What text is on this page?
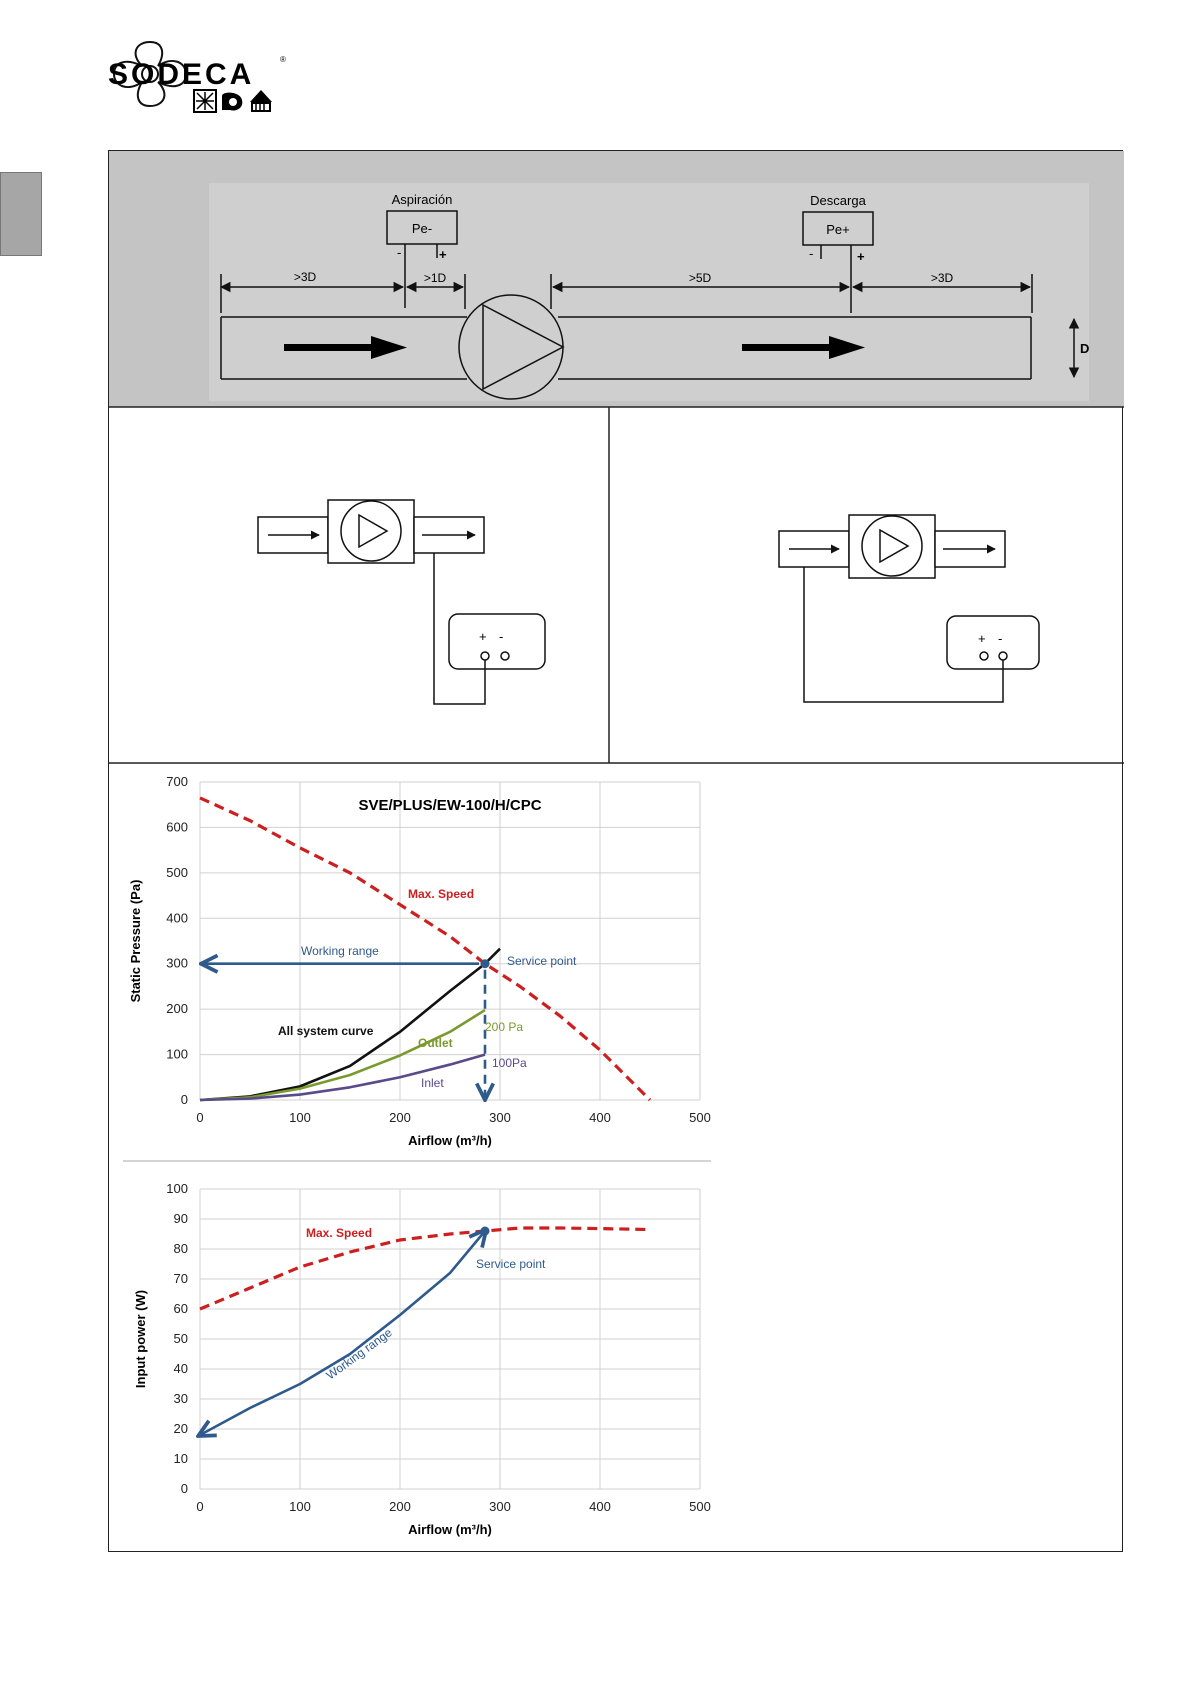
SODECA	®
Aspiración
Pe-
-	+
Descarga
Pe+
-	+
>3D	>1D	>5D	>3D
D
+ -	+ -
0
100
200
300
400
500
600
700
0	100	200	300	400	500
Airflow (m³/h)
Static Pressure (Pa)
SVE/PLUS/EW-100/H/CPC
Max. Speed
Working range
Service point
All system curve	200 Pa
Outlet
100Pa
Inlet
0
10
20
30
40
50
60
70
80
90
100
0	100	200	300	400	500
Airflow (m³/h)
Input power (W)
Max. Speed
Service point
Working range
